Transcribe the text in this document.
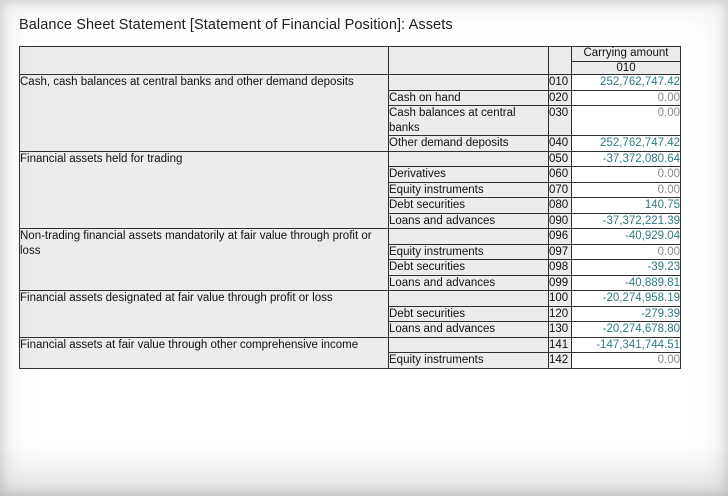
Balance Sheet Statement [Statement of Financial Position]: Assets
			Carrying amount
			010
Cash, cash balances at central banks and other demand deposits		010	252,762,747.42
	Cash on hand	020	0.00
	Cash balances at central banks	030	0.00
	Other demand deposits	040	252,762,747.42
Financial assets held for trading		050	-37,372,080.64
	Derivatives	060	0.00
	Equity instruments	070	0.00
	Debt securities	080	140.75
	Loans and advances	090	-37,372,221.39
Non-trading financial assets mandatorily at fair value through profit or loss		096	-40,929.04
	Equity instruments	097	0.00
	Debt securities	098	-39.23
	Loans and advances	099	-40,889.81
Financial assets designated at fair value through profit or loss		100	-20,274,958.19
	Debt securities	120	-279.39
	Loans and advances	130	-20,274,678.80
Financial assets at fair value through other comprehensive income		141	-147,341,744.51
	Equity instruments	142	0.00
